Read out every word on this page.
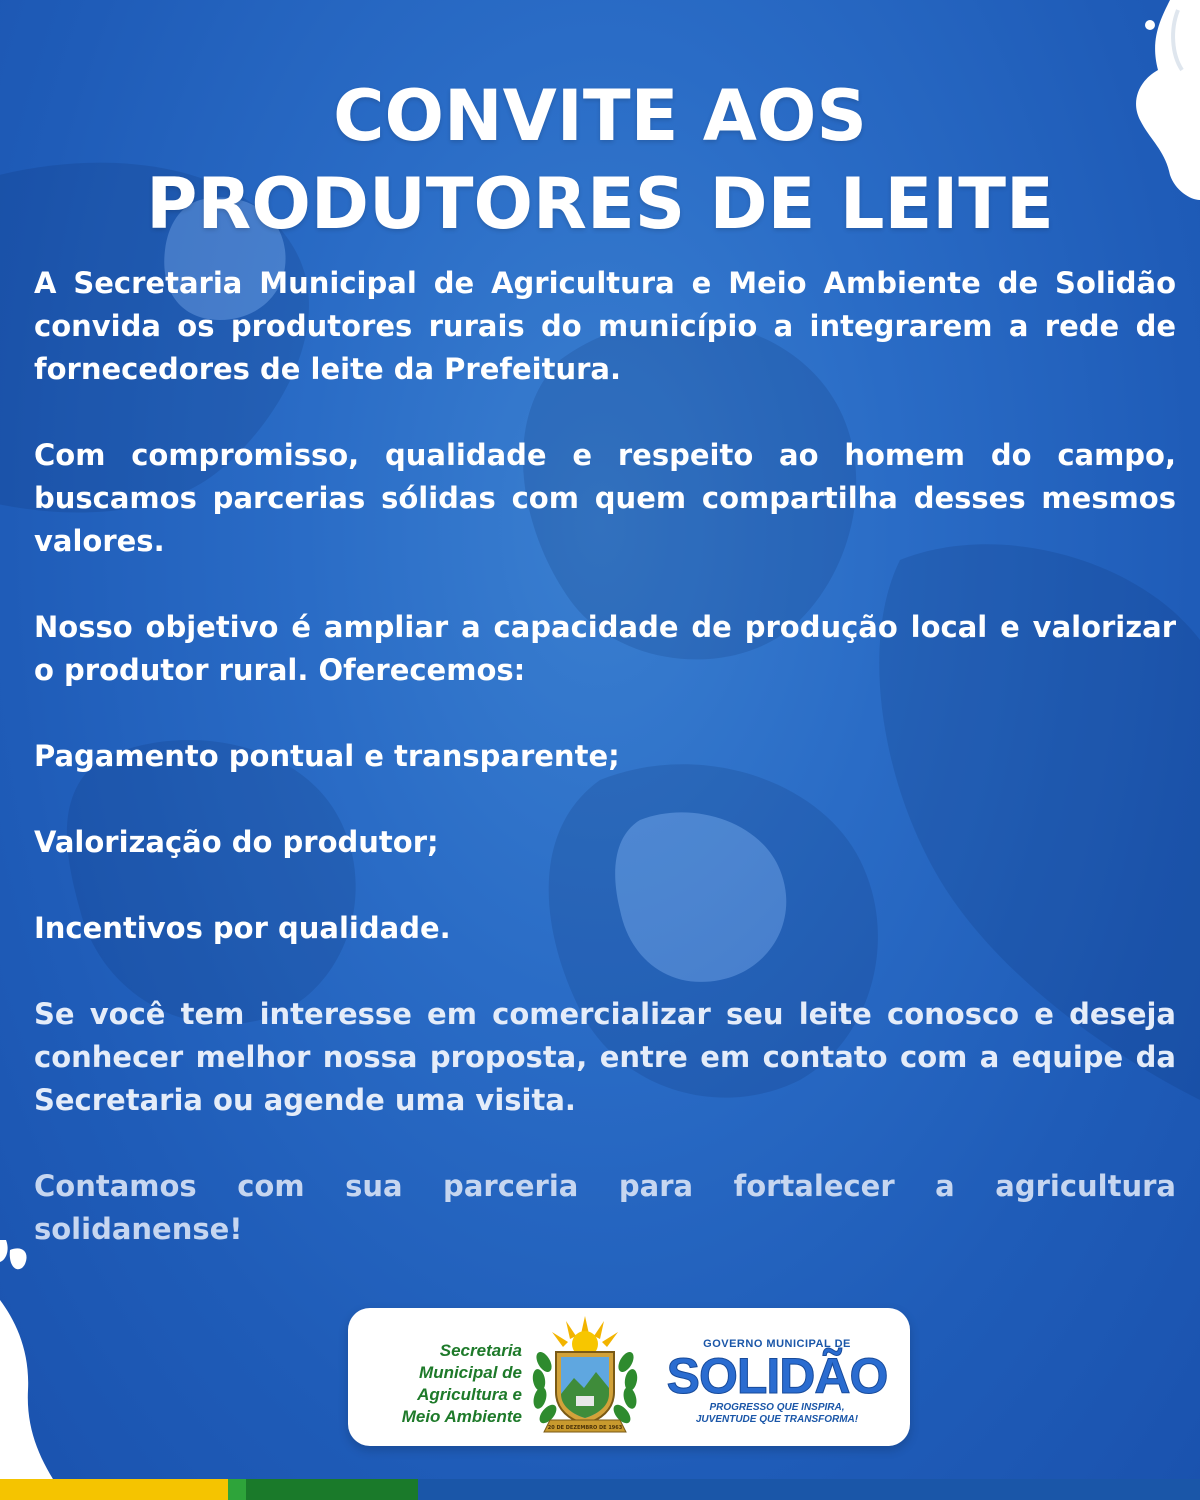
CONVITE AOS
PRODUTORES DE LEITE

A Secretaria Municipal de Agricultura e Meio Ambiente de Solidão convida os produtores rurais do município a integrarem a rede de fornecedores de leite da Prefeitura.

Com compromisso, qualidade e respeito ao homem do campo, buscamos parcerias sólidas com quem compartilha desses mesmos valores.

Nosso objetivo é ampliar a capacidade de produção local e valorizar o produtor rural. Oferecemos:

Pagamento pontual e transparente;

Valorização do produtor;

Incentivos por qualidade.

Se você tem interesse em comercializar seu leite conosco e deseja conhecer melhor nossa proposta, entre em contato com a equipe da Secretaria ou agende uma visita.

Contamos com sua parceria para fortalecer a agricultura solidanense!

Secretaria
Municipal de
Agricultura e
Meio Ambiente
20 DE DEZEMBRO DE 1963
GOVERNO MUNICIPAL DE
SOLIDÃO
PROGRESSO QUE INSPIRA,
JUVENTUDE QUE TRANSFORMA!
